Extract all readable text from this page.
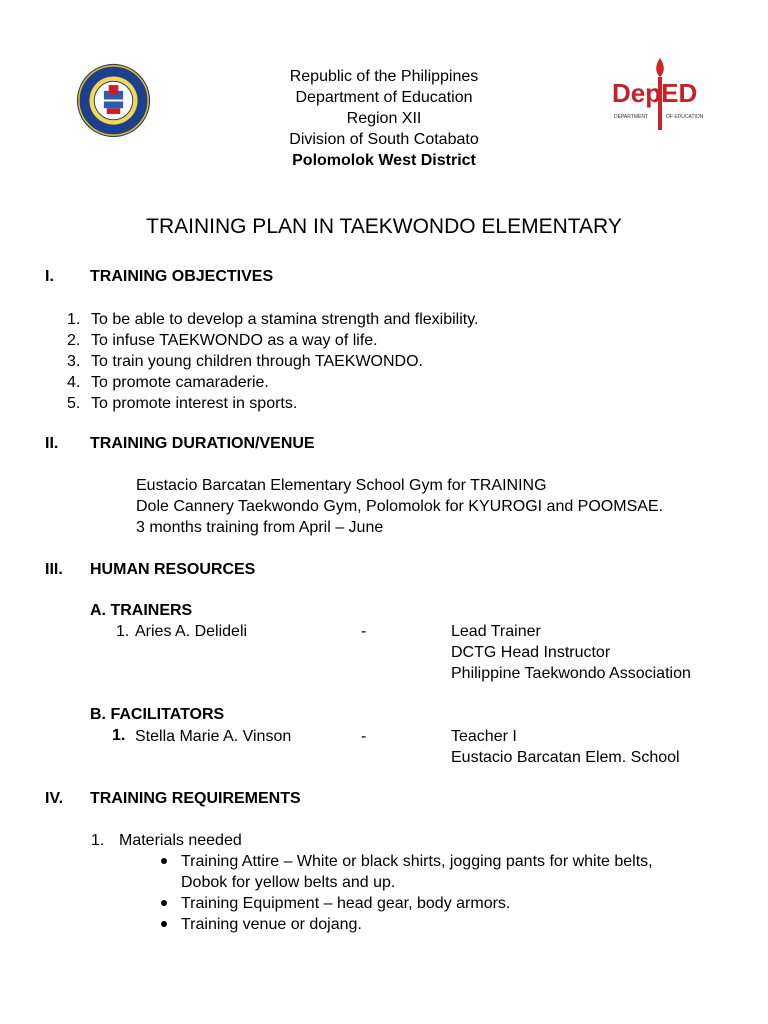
DepED
DEPARTMENT	OF EDUCATION
Republic of the Philippines
Department of Education
Region XII
Division of South Cotabato
Polomolok West District
TRAINING PLAN IN TAEKWONDO ELEMENTARY
I. TRAINING OBJECTIVES
1. To be able to develop a stamina strength and flexibility.
2. To infuse TAEKWONDO as a way of life.
3. To train young children through TAEKWONDO.
4. To promote camaraderie.
5. To promote interest in sports.
II. TRAINING DURATION/VENUE
Eustacio Barcatan Elementary School Gym for TRAINING
Dole Cannery Taekwondo Gym, Polomolok for KYUROGI and POOMSAE.
3 months training from April – June
III. HUMAN RESOURCES
A. TRAINERS
1. Aries A. Delideli	-	Lead Trainer
DCTG Head Instructor
Philippine Taekwondo Association
B. FACILITATORS
1. Stella Marie A. Vinson	-	Teacher I
Eustacio Barcatan Elem. School
IV. TRAINING REQUIREMENTS
1. Materials needed
Training Attire – White or black shirts, jogging pants for white belts,
Dobok for yellow belts and up.
Training Equipment – head gear, body armors.
Training venue or dojang.
